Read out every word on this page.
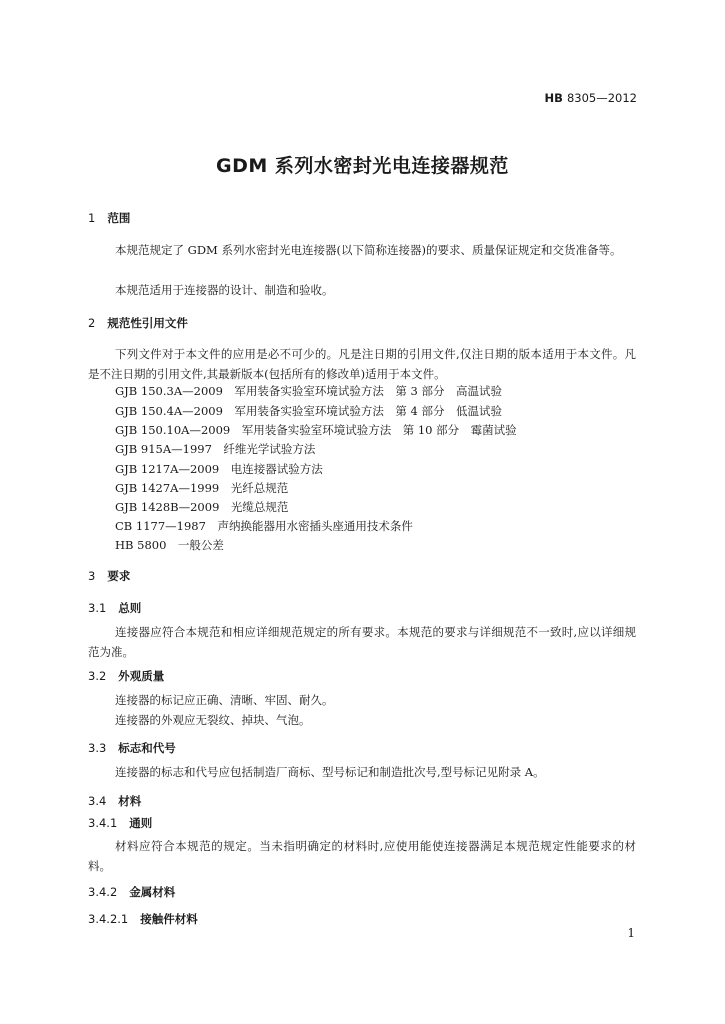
HB 8305—2012
GDM 系列水密封光电连接器规范
1 范围
本规范规定了 GDM 系列水密封光电连接器(以下简称连接器)的要求、质量保证规定和交货准备等。
本规范适用于连接器的设计、制造和验收。
2 规范性引用文件
下列文件对于本文件的应用是必不可少的。凡是注日期的引用文件,仅注日期的版本适用于本文件。凡是不注日期的引用文件,其最新版本(包括所有的修改单)适用于本文件。
GJB 150.3A—2009　军用装备实验室环境试验方法　第 3 部分　高温试验
GJB 150.4A—2009　军用装备实验室环境试验方法　第 4 部分　低温试验
GJB 150.10A—2009　军用装备实验室环境试验方法　第 10 部分　霉菌试验
GJB 915A—1997　纤维光学试验方法
GJB 1217A—2009　电连接器试验方法
GJB 1427A—1999　光纤总规范
GJB 1428B—2009　光缆总规范
CB 1177—1987　声纳换能器用水密插头座通用技术条件
HB 5800　一般公差
3 要求
3.1 总则
连接器应符合本规范和相应详细规范规定的所有要求。本规范的要求与详细规范不一致时,应以详细规范为准。
3.2 外观质量
连接器的标记应正确、清晰、牢固、耐久。
连接器的外观应无裂纹、掉块、气泡。
3.3 标志和代号
连接器的标志和代号应包括制造厂商标、型号标记和制造批次号,型号标记见附录 A。
3.4 材料
3.4.1 通则
材料应符合本规范的规定。当未指明确定的材料时,应使用能使连接器满足本规范规定性能要求的材料。
3.4.2 金属材料
3.4.2.1 接触件材料
1
